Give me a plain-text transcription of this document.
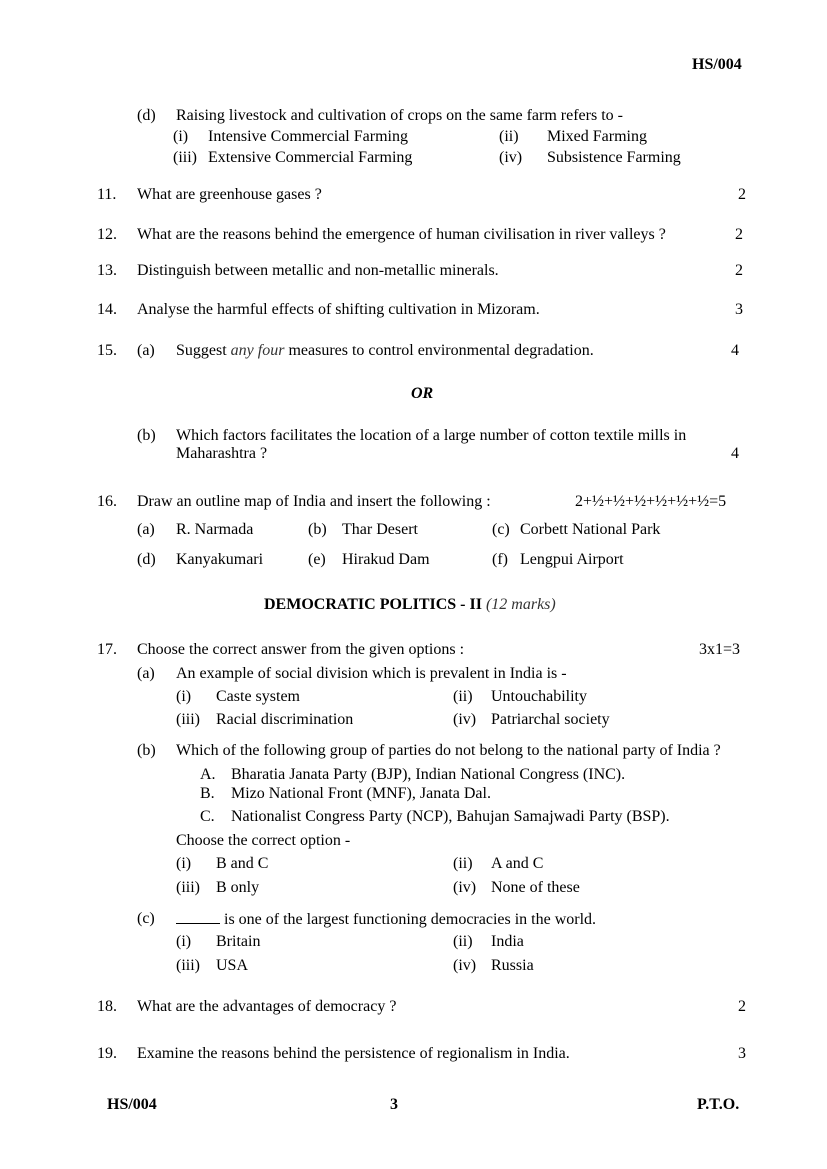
HS/004
(d) Raising livestock and cultivation of crops on the same farm refers to -
(i) Intensive Commercial Farming	(ii) Mixed Farming
(iii) Extensive Commercial Farming	(iv) Subsistence Farming
11. What are greenhouse gases ?	2
12. What are the reasons behind the emergence of human civilisation in river valleys ?	2
13. Distinguish between metallic and non-metallic minerals.	2
14. Analyse the harmful effects of shifting cultivation in Mizoram.	3
15. (a) Suggest any four measures to control environmental degradation.	4
OR
(b) Which factors facilitates the location of a large number of cotton textile mills in
Maharashtra ?	4
16. Draw an outline map of India and insert the following :	2+½+½+½+½+½+½=5
(a) R. Narmada	(b) Thar Desert	(c) Corbett National Park
(d) Kanyakumari	(e) Hirakud Dam	(f) Lengpui Airport
DEMOCRATIC POLITICS - II (12 marks)
17. Choose the correct answer from the given options :	3x1=3
(a) An example of social division which is prevalent in India is -
(i) Caste system	(ii) Untouchability
(iii) Racial discrimination	(iv) Patriarchal society
(b) Which of the following group of parties do not belong to the national party of India ?
A. Bharatia Janata Party (BJP), Indian National Congress (INC).
B. Mizo National Front (MNF), Janata Dal.
C. Nationalist Congress Party (NCP), Bahujan Samajwadi Party (BSP).
Choose the correct option -
(i) B and C	(ii) A and C
(iii) B only	(iv) None of these
(c)	is one of the largest functioning democracies in the world.
(i) Britain	(ii) India
(iii) USA	(iv) Russia
18. What are the advantages of democracy ?	2
19. Examine the reasons behind the persistence of regionalism in India.	3
HS/004	3	P.T.O.
